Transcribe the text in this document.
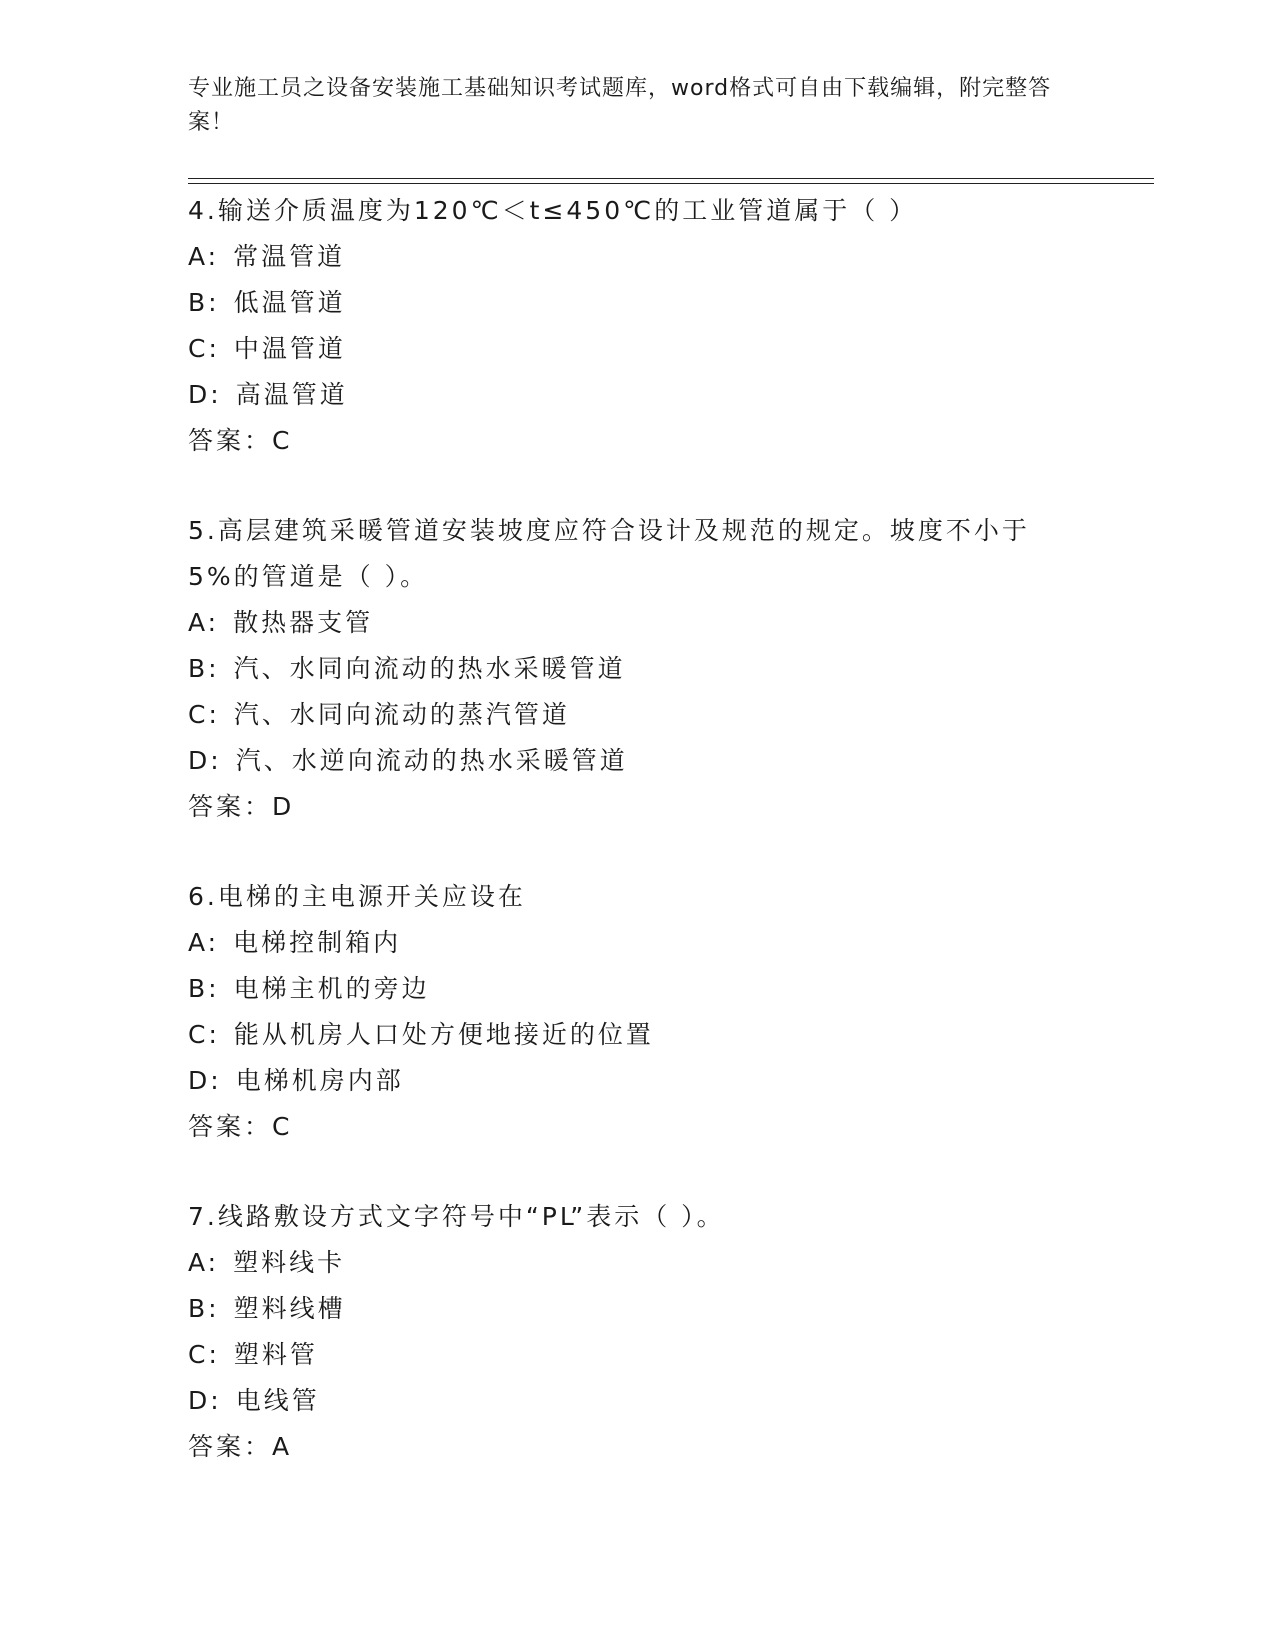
专业施工员之设备安装施工基础知识考试题库，word格式可自由下载编辑，附完整答案！
4.输送介质温度为120℃＜t≤450℃的工业管道属于（ ）
A: 常温管道
B: 低温管道
C: 中温管道
D: 高温管道
答案：C
5.高层建筑采暖管道安装坡度应符合设计及规范的规定。坡度不小于5%的管道是（ ）。
A: 散热器支管
B: 汽、水同向流动的热水采暖管道
C: 汽、水同向流动的蒸汽管道
D: 汽、水逆向流动的热水采暖管道
答案：D
6.电梯的主电源开关应设在
A: 电梯控制箱内
B: 电梯主机的旁边
C: 能从机房人口处方便地接近的位置
D: 电梯机房内部
答案：C
7.线路敷设方式文字符号中“PL”表示（ ）。
A: 塑料线卡
B: 塑料线槽
C: 塑料管
D: 电线管
答案：A
